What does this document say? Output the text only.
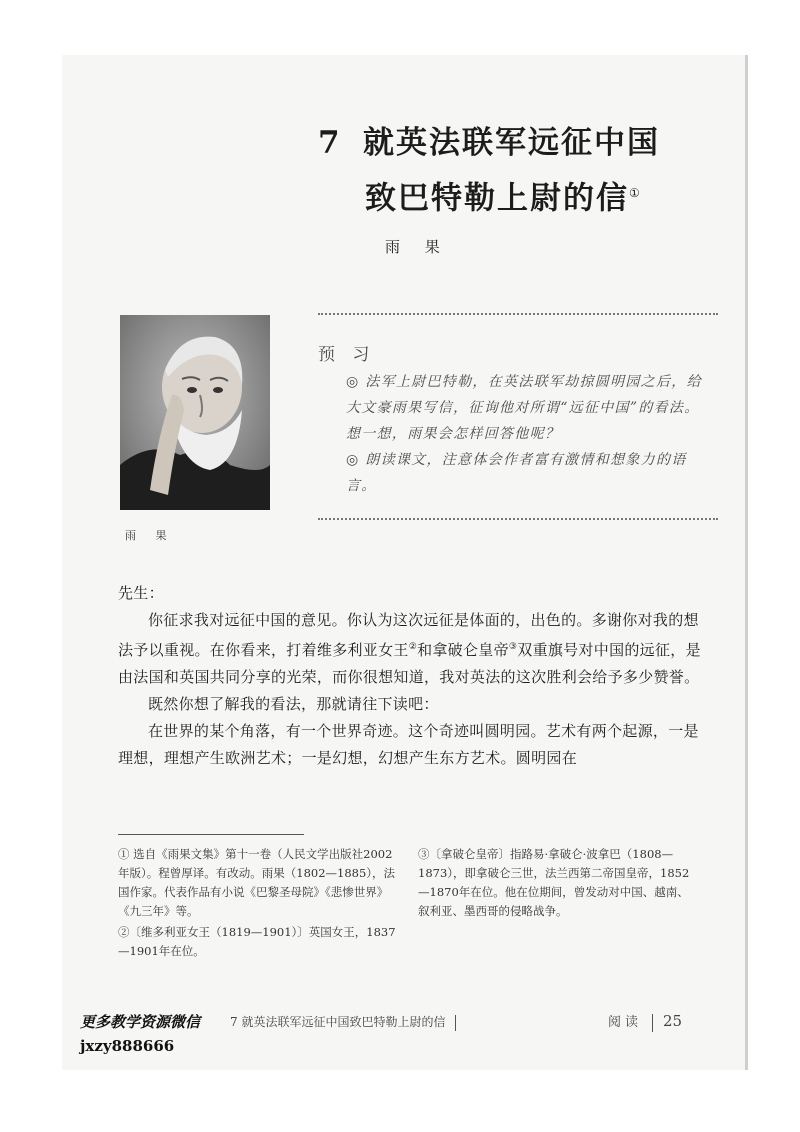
7 就英法联军远征中国
致巴特勒上尉的信①
雨 果
雨 果
预 习

◎ 法军上尉巴特勒，在英法联军劫掠圆明园之后，给大文豪雨果写信，征询他对所谓“远征中国”的看法。想一想，雨果会怎样回答他呢？

◎ 朗读课文，注意体会作者富有激情和想象力的语言。

先生：

你征求我对远征中国的意见。你认为这次远征是体面的，出色的。多谢你对我的想法予以重视。在你看来，打着维多利亚女王②和拿破仑皇帝③双重旗号对中国的远征，是由法国和英国共同分享的光荣，而你很想知道，我对英法的这次胜利会给予多少赞誉。

既然你想了解我的看法，那就请往下读吧：

在世界的某个角落，有一个世界奇迹。这个奇迹叫圆明园。艺术有两个起源，一是理想，理想产生欧洲艺术；一是幻想，幻想产生东方艺术。圆明园在

① 选自《雨果文集》第十一卷（人民文学出版社2002年版）。程曾厚译。有改动。雨果（1802—1885），法国作家。代表作品有小说《巴黎圣母院》《悲惨世界》《九三年》等。

②〔维多利亚女王（1819—1901）〕英国女王，1837—1901年在位。

③〔拿破仑皇帝〕指路易·拿破仑·波拿巴（1808—1873），即拿破仑三世，法兰西第二帝国皇帝，1852—1870年在位。他在位期间，曾发动对中国、越南、叙利亚、墨西哥的侵略战争。

7 就英法联军远征中国致巴特勒上尉的信	阅读 25
更多教学资源微信
jxzy888666
